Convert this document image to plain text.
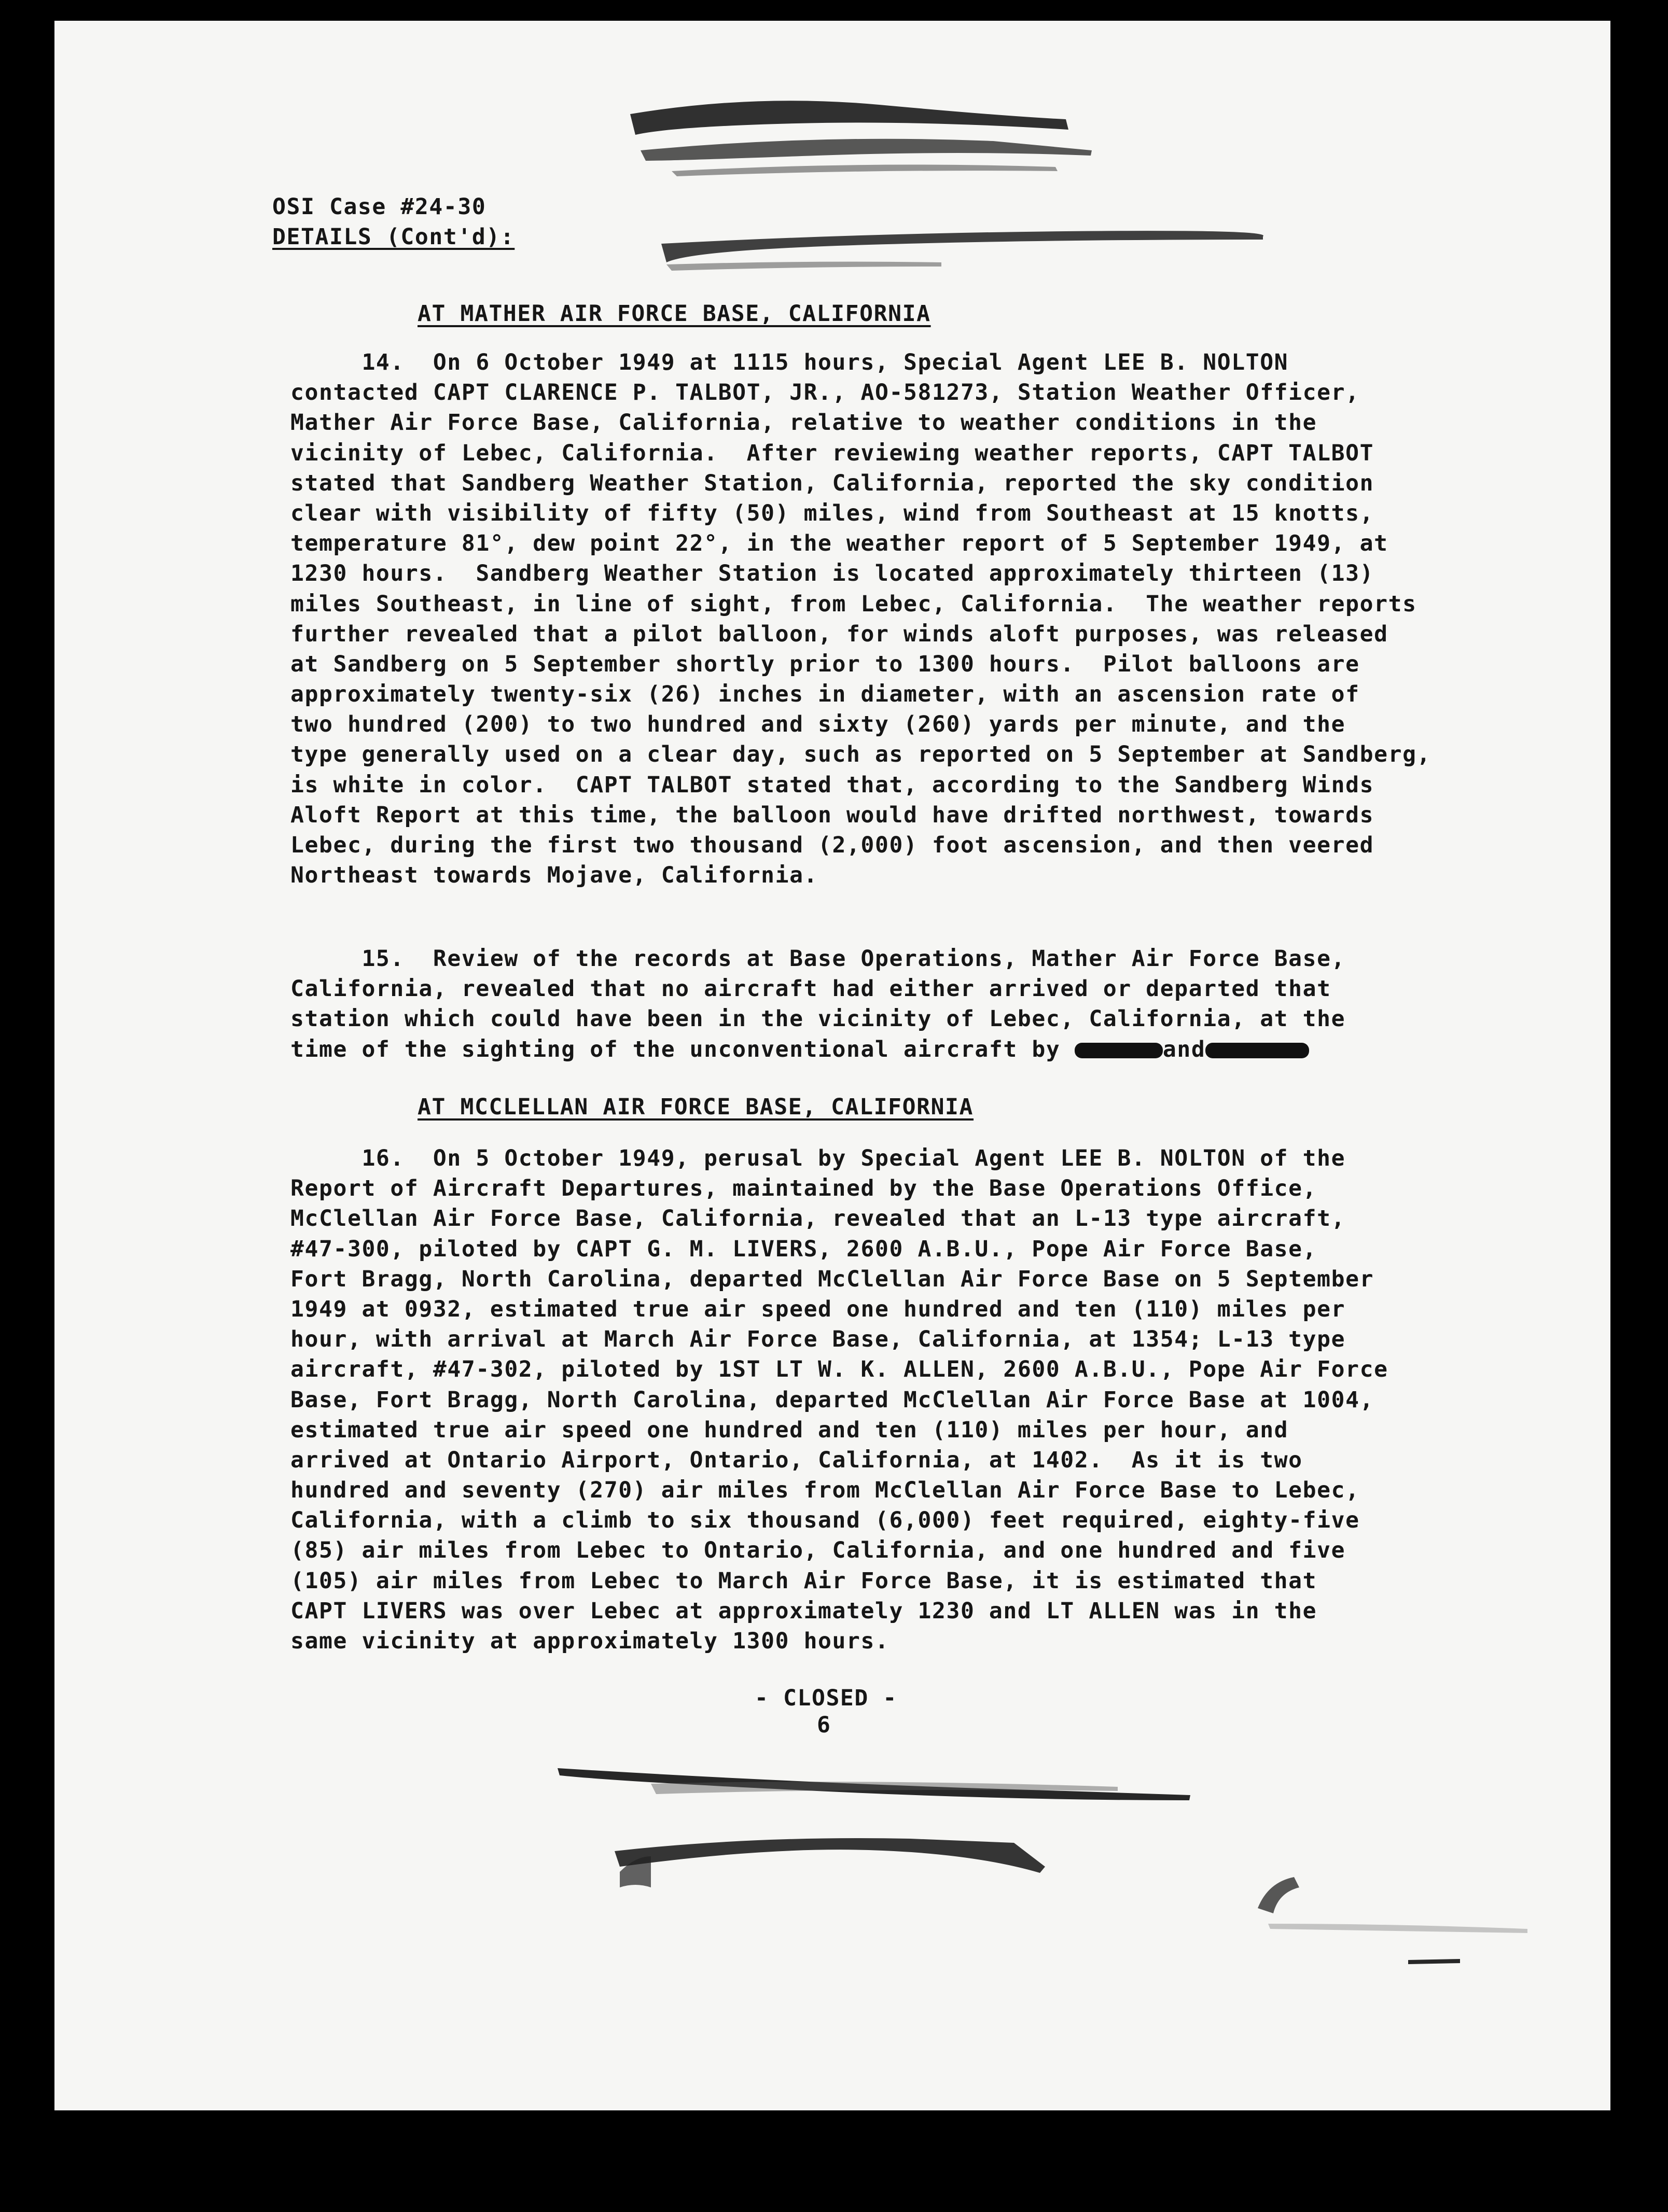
OSI Case #24-30
DETAILS (Cont'd):
AT MATHER AIR FORCE BASE, CALIFORNIA
14.  On 6 October 1949 at 1115 hours, Special Agent LEE B. NOLTON
contacted CAPT CLARENCE P. TALBOT, JR., AO-581273, Station Weather Officer,
Mather Air Force Base, California, relative to weather conditions in the
vicinity of Lebec, California.  After reviewing weather reports, CAPT TALBOT
stated that Sandberg Weather Station, California, reported the sky condition
clear with visibility of fifty (50) miles, wind from Southeast at 15 knotts,
temperature 81°, dew point 22°, in the weather report of 5 September 1949, at
1230 hours.  Sandberg Weather Station is located approximately thirteen (13)
miles Southeast, in line of sight, from Lebec, California.  The weather reports
further revealed that a pilot balloon, for winds aloft purposes, was released
at Sandberg on 5 September shortly prior to 1300 hours.  Pilot balloons are
approximately twenty-six (26) inches in diameter, with an ascension rate of
two hundred (200) to two hundred and sixty (260) yards per minute, and the
type generally used on a clear day, such as reported on 5 September at Sandberg,
is white in color.  CAPT TALBOT stated that, according to the Sandberg Winds
Aloft Report at this time, the balloon would have drifted northwest, towards
Lebec, during the first two thousand (2,000) foot ascension, and then veered
Northeast towards Mojave, California.
15.  Review of the records at Base Operations, Mather Air Force Base,
California, revealed that no aircraft had either arrived or departed that
station which could have been in the vicinity of Lebec, California, at the
time of the sighting of the unconventional aircraft by	and
AT MCCLELLAN AIR FORCE BASE, CALIFORNIA
16.  On 5 October 1949, perusal by Special Agent LEE B. NOLTON of the
Report of Aircraft Departures, maintained by the Base Operations Office,
McClellan Air Force Base, California, revealed that an L-13 type aircraft,
#47-300, piloted by CAPT G. M. LIVERS, 2600 A.B.U., Pope Air Force Base,
Fort Bragg, North Carolina, departed McClellan Air Force Base on 5 September
1949 at 0932, estimated true air speed one hundred and ten (110) miles per
hour, with arrival at March Air Force Base, California, at 1354; L-13 type
aircraft, #47-302, piloted by 1ST LT W. K. ALLEN, 2600 A.B.U., Pope Air Force
Base, Fort Bragg, North Carolina, departed McClellan Air Force Base at 1004,
estimated true air speed one hundred and ten (110) miles per hour, and
arrived at Ontario Airport, Ontario, California, at 1402.  As it is two
hundred and seventy (270) air miles from McClellan Air Force Base to Lebec,
California, with a climb to six thousand (6,000) feet required, eighty-five
(85) air miles from Lebec to Ontario, California, and one hundred and five
(105) air miles from Lebec to March Air Force Base, it is estimated that
CAPT LIVERS was over Lebec at approximately 1230 and LT ALLEN was in the
same vicinity at approximately 1300 hours.
- CLOSED -
6
